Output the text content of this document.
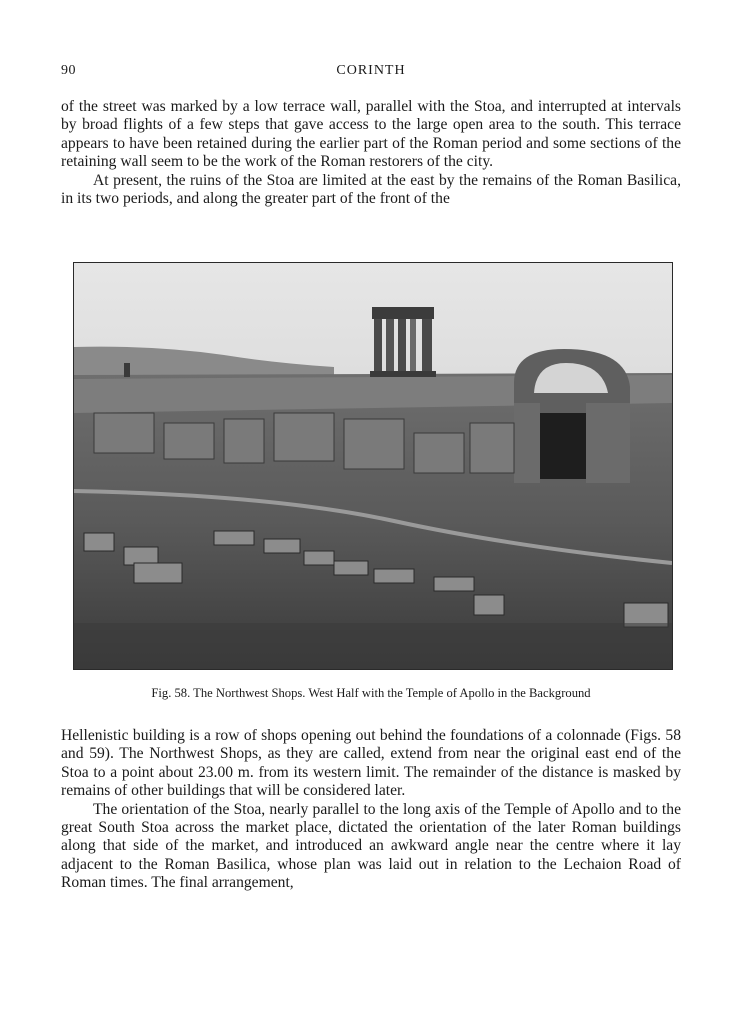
90	CORINTH

of the street was marked by a low terrace wall, parallel with the Stoa, and interrupted at intervals by broad flights of a few steps that gave access to the large open area to the south. This terrace appears to have been retained during the earlier part of the Roman period and some sections of the retaining wall seem to be the work of the Roman restorers of the city.

At present, the ruins of the Stoa are limited at the east by the remains of the Roman Basilica, in its two periods, and along the greater part of the front of the

Fig. 58. The Northwest Shops. West Half with the Temple of Apollo in the Background

Hellenistic building is a row of shops opening out behind the foundations of a colonnade (Figs. 58 and 59). The Northwest Shops, as they are called, extend from near the original east end of the Stoa to a point about 23.00 m. from its western limit. The remainder of the distance is masked by remains of other buildings that will be considered later.

The orientation of the Stoa, nearly parallel to the long axis of the Temple of Apollo and to the great South Stoa across the market place, dictated the orientation of the later Roman buildings along that side of the market, and introduced an awkward angle near the centre where it lay adjacent to the Roman Basilica, whose plan was laid out in relation to the Lechaion Road of Roman times. The final arrangement,
